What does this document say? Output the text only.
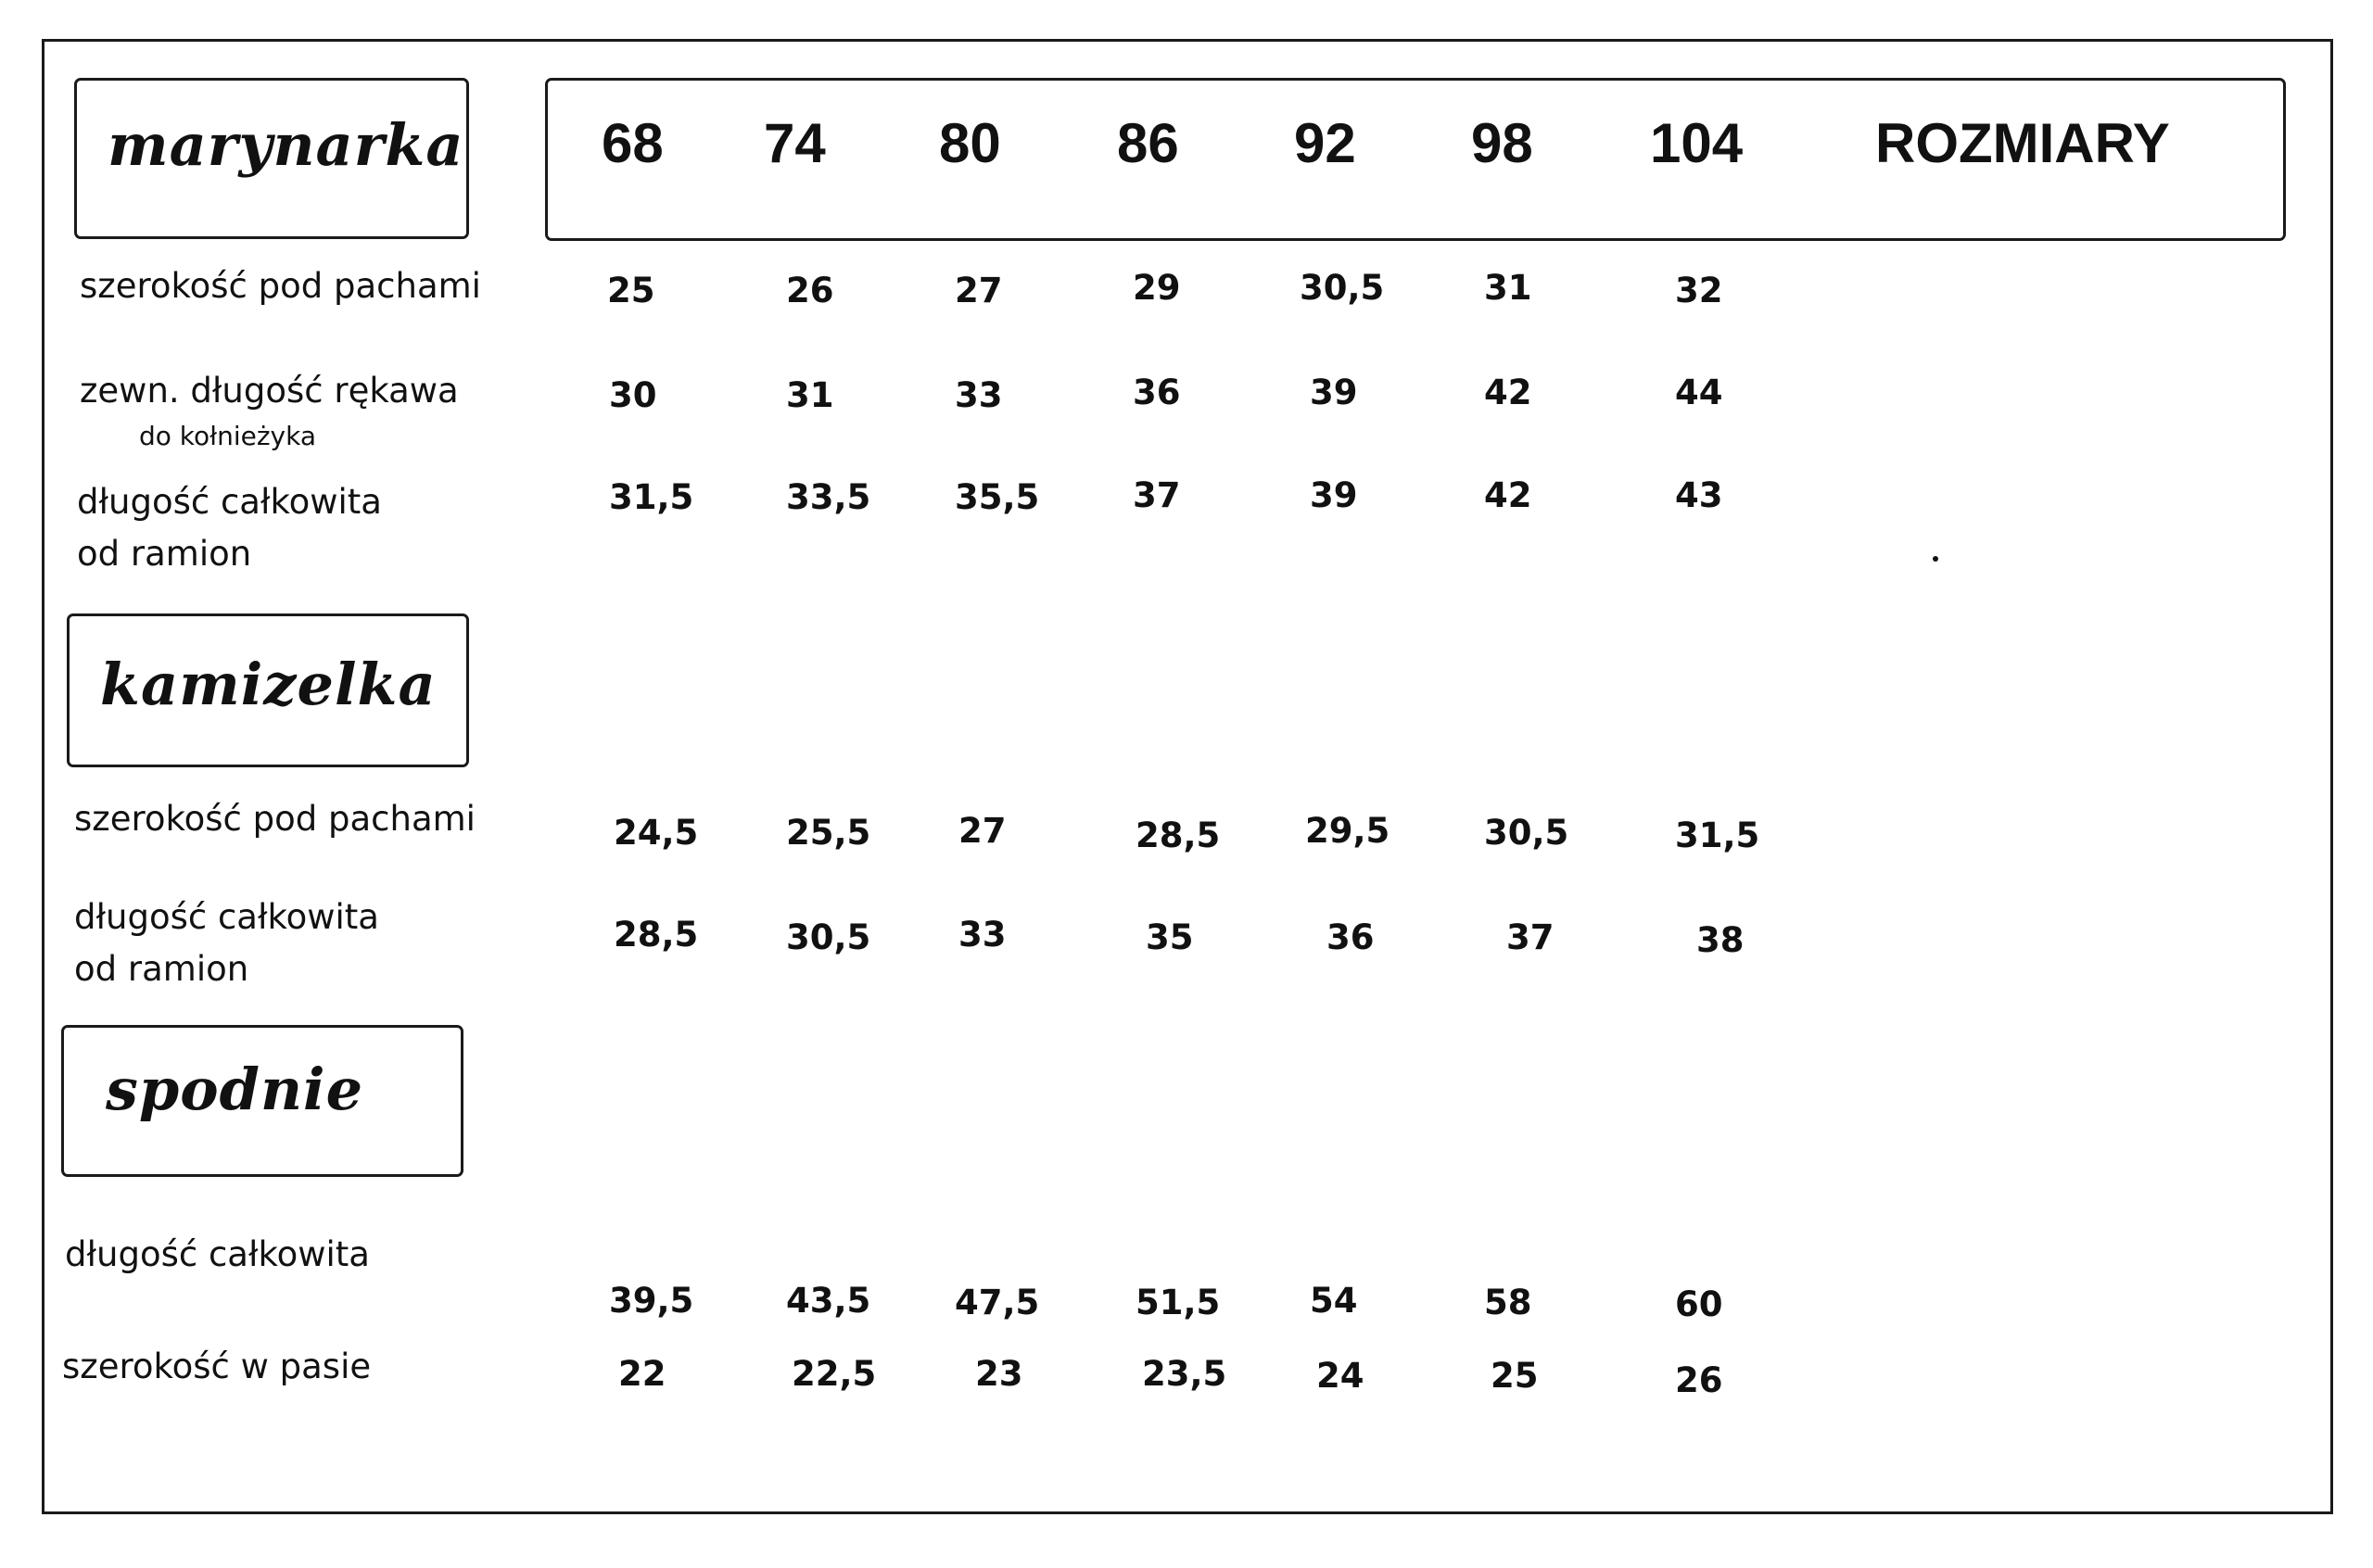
68 74 80 86 92 98 104 ROZMIARY
marynarka
szerokość pod pachami	25	26	27	29	30,5	31	32
zewn. długość rękawa
do kołnieżyka
30	31	33	36	39	42	44
długość całkowita
od ramion
31,5	33,5 35,5	37	39	42	43
kamizelka
szerokość pod pachami	24,5	25,5	27	28,5 29,5	30,5	31,5
długość całkowita
od ramion
28,5	30,5	33	35	36	37	38
spodnie
długość całkowita
39,5	43,5 47,5	51,5	54	58	60
szerokość w pasie	22	22,5	23	23,5	24	25	26
